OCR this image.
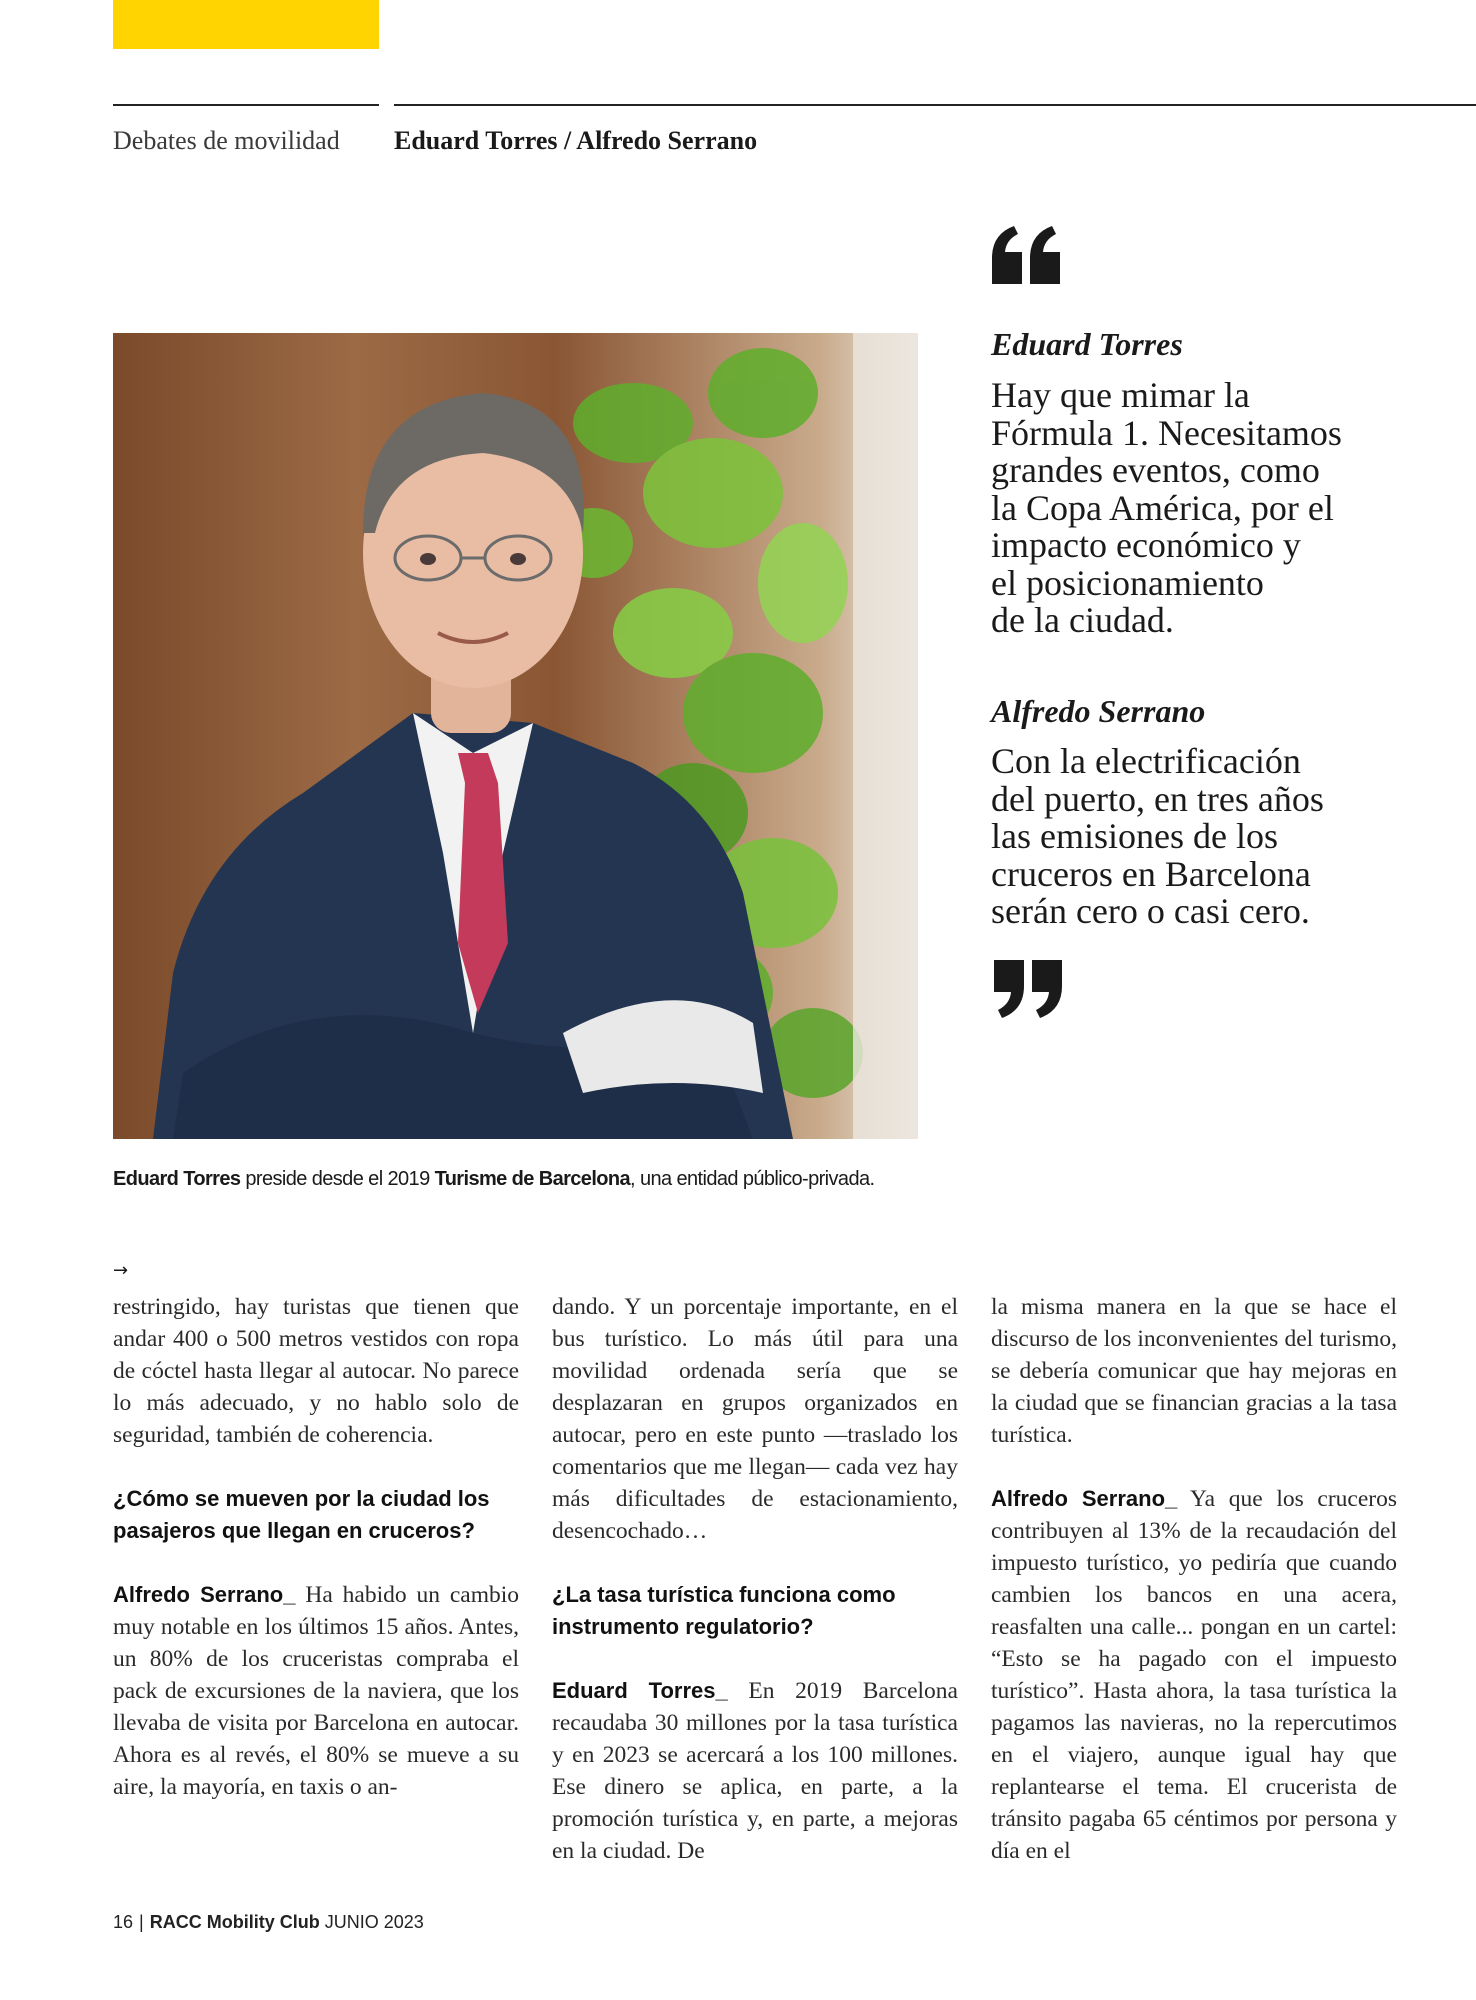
Debates de movilidad Eduard Torres / Alfredo Serrano
Eduard Torres preside desde el 2019 Turisme de Barcelona, una entidad público-privada.
Eduard Torres
Hay que mimar la
Fórmula 1. Necesitamos
grandes eventos, como
la Copa América, por el
impacto económico y
el posicionamiento
de la ciudad.
Alfredo Serrano
Con la electrificación
del puerto, en tres años
las emisiones de los
cruceros en Barcelona
serán cero o casi cero.
→

restringido, hay turistas que tienen que andar 400 o 500 metros vestidos con ropa de cóctel hasta llegar al autocar. No parece lo más adecuado, y no hablo solo de seguridad, también de coherencia.

¿Cómo se mueven por la ciudad los pasajeros que llegan en cruceros?

Alfredo Serrano_ Ha habido un cambio muy notable en los últimos 15 años. Antes, un 80% de los cruceristas compraba el pack de excursiones de la naviera, que los llevaba de visita por Barcelona en autocar. Ahora es al revés, el 80% se mueve a su aire, la mayoría, en taxis o an-

dando. Y un porcentaje importante, en el bus turístico. Lo más útil para una movilidad ordenada sería que se desplazaran en grupos organizados en autocar, pero en este punto —traslado los comentarios que me llegan— cada vez hay más dificultades de estacionamiento, desencochado…

¿La tasa turística funciona como instrumento regulatorio?

Eduard Torres_ En 2019 Barcelona recaudaba 30 millones por la tasa turística y en 2023 se acercará a los 100 millones. Ese dinero se aplica, en parte, a la promoción turística y, en parte, a mejoras en la ciudad. De

la misma manera en la que se hace el discurso de los inconvenientes del turismo, se debería comunicar que hay mejoras en la ciudad que se financian gracias a la tasa turística.

Alfredo Serrano_ Ya que los cruceros contribuyen al 13% de la recaudación del impuesto turístico, yo pediría que cuando cambien los bancos en una acera, reasfalten una calle... pongan en un cartel: “Esto se ha pagado con el impuesto turístico”. Hasta ahora, la tasa turística la pagamos las navieras, no la repercutimos en el viajero, aunque igual hay que replantearse el tema. El crucerista de tránsito pagaba 65 céntimos por persona y día en el

16 | RACC Mobility Club JUNIO 2023
